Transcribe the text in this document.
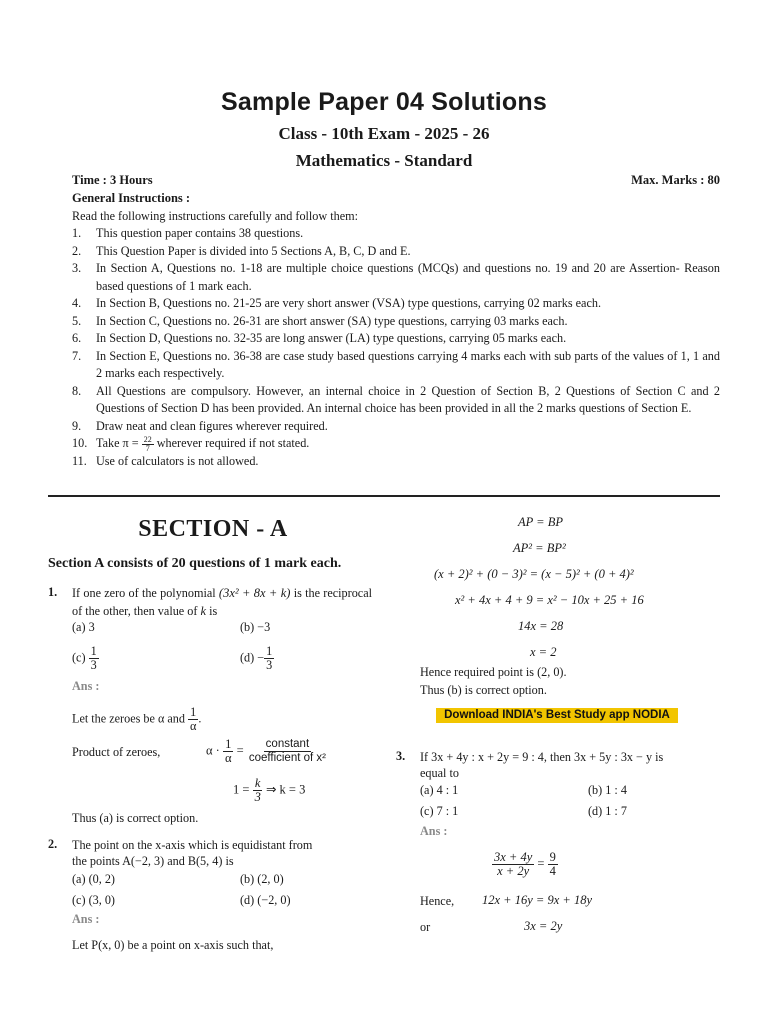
Sample Paper 04 Solutions
Class - 10th Exam - 2025 - 26
Mathematics - Standard
Time : 3 Hours	Max. Marks : 80
General Instructions :
Read the following instructions carefully and follow them:
1.	This question paper contains 38 questions.
2.	This Question Paper is divided into 5 Sections A, B, C, D and E.
3.	In Section A, Questions no. 1-18 are multiple choice questions (MCQs) and questions no. 19 and 20 are Assertion- Reason based questions of 1 mark each.
4.	In Section B, Questions no. 21-25 are very short answer (VSA) type questions, carrying 02 marks each.
5.	In Section C, Questions no. 26-31 are short answer (SA) type questions, carrying 03 marks each.
6.	In Section D, Questions no. 32-35 are long answer (LA) type questions, carrying 05 marks each.
7.	In Section E, Questions no. 36-38 are case study based questions carrying 4 marks each with sub parts of the values of 1, 1 and 2 marks each respectively.
8.	All Questions are compulsory. However, an internal choice in 2 Question of Section B, 2 Questions of Section C and 2 Questions of Section D has been provided. An internal choice has been provided in all the 2 marks questions of Section E.
9.	Draw neat and clean figures wherever required.
10. Take $\pi = \frac{22}{7}$ wherever required if not stated.
11. Use of calculators is not allowed.
SECTION - A
Section A consists of 20 questions of 1 mark each.
1. If one zero of the polynomial (3x² + 8x + k) is the reciprocal of the other, then value of k is
(a) 3	(b) −3
$(c) \frac{1}{3}$	$(d) - \frac{1}{3}$
Ans :
Let the zeroes be α and $\frac{1}{\alpha}$ .
Product of zeroes,	$\alpha \cdot \frac{1}{\alpha} = \frac{\text{constant}}{\text{coefficient of x²}}$
$1 = \frac{k}{3}$ ⇒ k = 3
Thus (a) is correct option.
2. The point on the x-axis which is equidistant from
the points A(−2, 3) and B(5, 4) is
(a) (0, 2)	(b) (2, 0)
(c) (3, 0)	(d) (−2, 0)
Ans :
Let P(x, 0) be a point on x-axis such that,
AP = BP
AP² = BP²
(x + 2)² + (0 − 3)² = (x − 5)² + (0 + 4)²
x² + 4x + 4 + 9 = x² − 10x + 25 + 16
14x = 28
x = 2
Hence required point is (2, 0).
Thus (b) is correct option.
Download INDIA's Best Study app NODIA
3. If 3x + 4y : x + 2y = 9 : 4, then 3x + 5y : 3x − y is
equal to
(a) 4 : 1	(b) 1 : 4
(c) 7 : 1	(d) 1 : 7
Ans :
$\frac{3x + 4y}{x + 2y} = \frac{9}{4}$
Hence, 12x + 16y = 9x + 18y
or	3x = 2y
